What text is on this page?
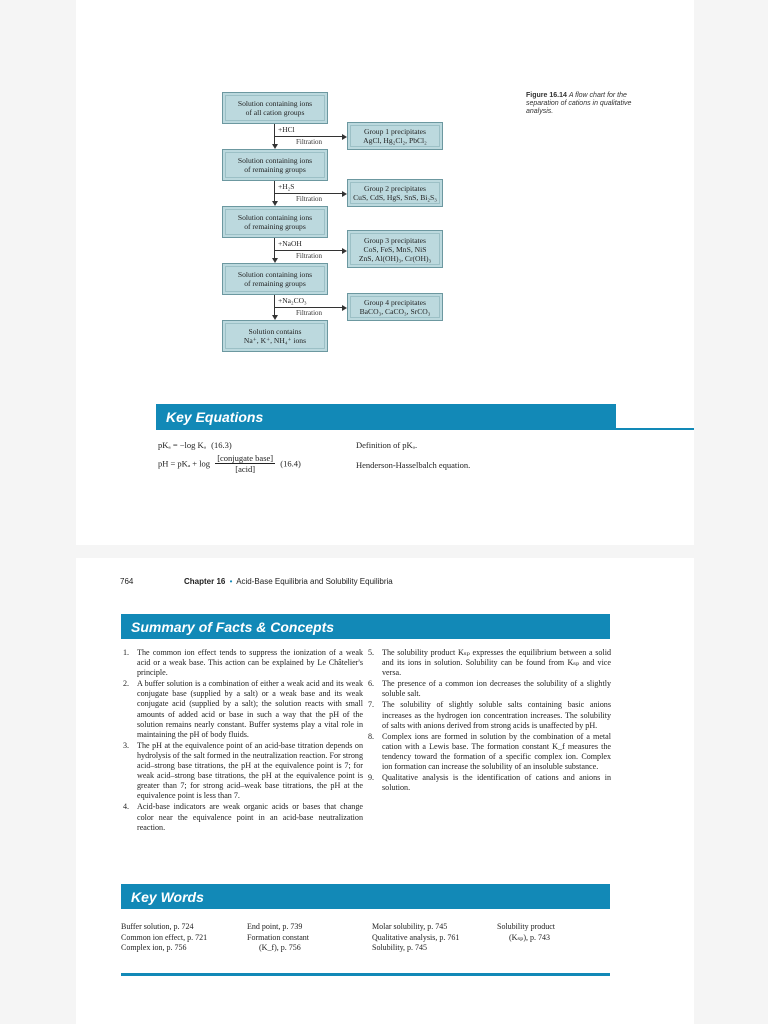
Solution containing ions
of all cation groups
Solution containing ions
of remaining groups
Solution containing ions
of remaining groups
Solution containing ions
of remaining groups
Solution contains
Na⁺, K⁺, NH₄⁺ ions
+HCl
Filtration
+H₂S
Filtration
+NaOH
Filtration
+Na₂CO₃
Filtration
Group 1 precipitates
AgCl, Hg₂Cl₂, PbCl₂
Group 2 precipitates
CuS, CdS, HgS, SnS, Bi₂S₃
Group 3 precipitates
CoS, FeS, MnS, NiS
ZnS, Al(OH)₃, Cr(OH)₃
Group 4 precipitates
BaCO₃, CaCO₃, SrCO₃
Figure 16.14 A flow chart for the separation of cations in qualitative analysis.
Key Equations
pKₐ = −log Kₐ (16.3)	Definition of pKₐ.
pH = $pK_a + \log \frac{\text{[conjugate base]}}{\text{[acid]}} (16.4)$	Henderson-Hasselbalch equation.
764	Chapter 16 • Acid-Base Equilibria and Solubility Equilibria
Summary of Facts & Concepts
1. The common ion effect tends to suppress the ionization of a weak acid or a weak base. This action can be explained by Le Châtelier's principle.
2. A buffer solution is a combination of either a weak acid and its weak conjugate base (supplied by a salt) or a weak base and its weak conjugate acid (supplied by a salt); the solution reacts with small amounts of added acid or base in such a way that the pH of the solution remains nearly constant. Buffer systems play a vital role in maintaining the pH of body fluids.
3. The pH at the equivalence point of an acid-base titration depends on hydrolysis of the salt formed in the neutralization reaction. For strong acid–strong base titrations, the pH at the equivalence point is 7; for weak acid–strong base titrations, the pH at the equivalence point is greater than 7; for strong acid–weak base titrations, the pH at the equivalence point is less than 7.
4. Acid-base indicators are weak organic acids or bases that change color near the equivalence point in an acid-base neutralization reaction.
5. The solubility product Kₛₚ expresses the equilibrium between a solid and its ions in solution. Solubility can be found from Kₛₚ and vice versa.
6. The presence of a common ion decreases the solubility of a slightly soluble salt.
7. The solubility of slightly soluble salts containing basic anions increases as the hydrogen ion concentration increases. The solubility of salts with anions derived from strong acids is unaffected by pH.
8. Complex ions are formed in solution by the combination of a metal cation with a Lewis base. The formation constant K_f measures the tendency toward the formation of a specific complex ion. Complex ion formation can increase the solubility of an insoluble substance.
9. Qualitative analysis is the identification of cations and anions in solution.
Key Words
Buffer solution, p. 724
Common ion effect, p. 721
Complex ion, p. 756
End point, p. 739
Formation constant
(K_f), p. 756
Molar solubility, p. 745
Qualitative analysis, p. 761
Solubility, p. 745
Solubility product
(Kₛₚ), p. 743
